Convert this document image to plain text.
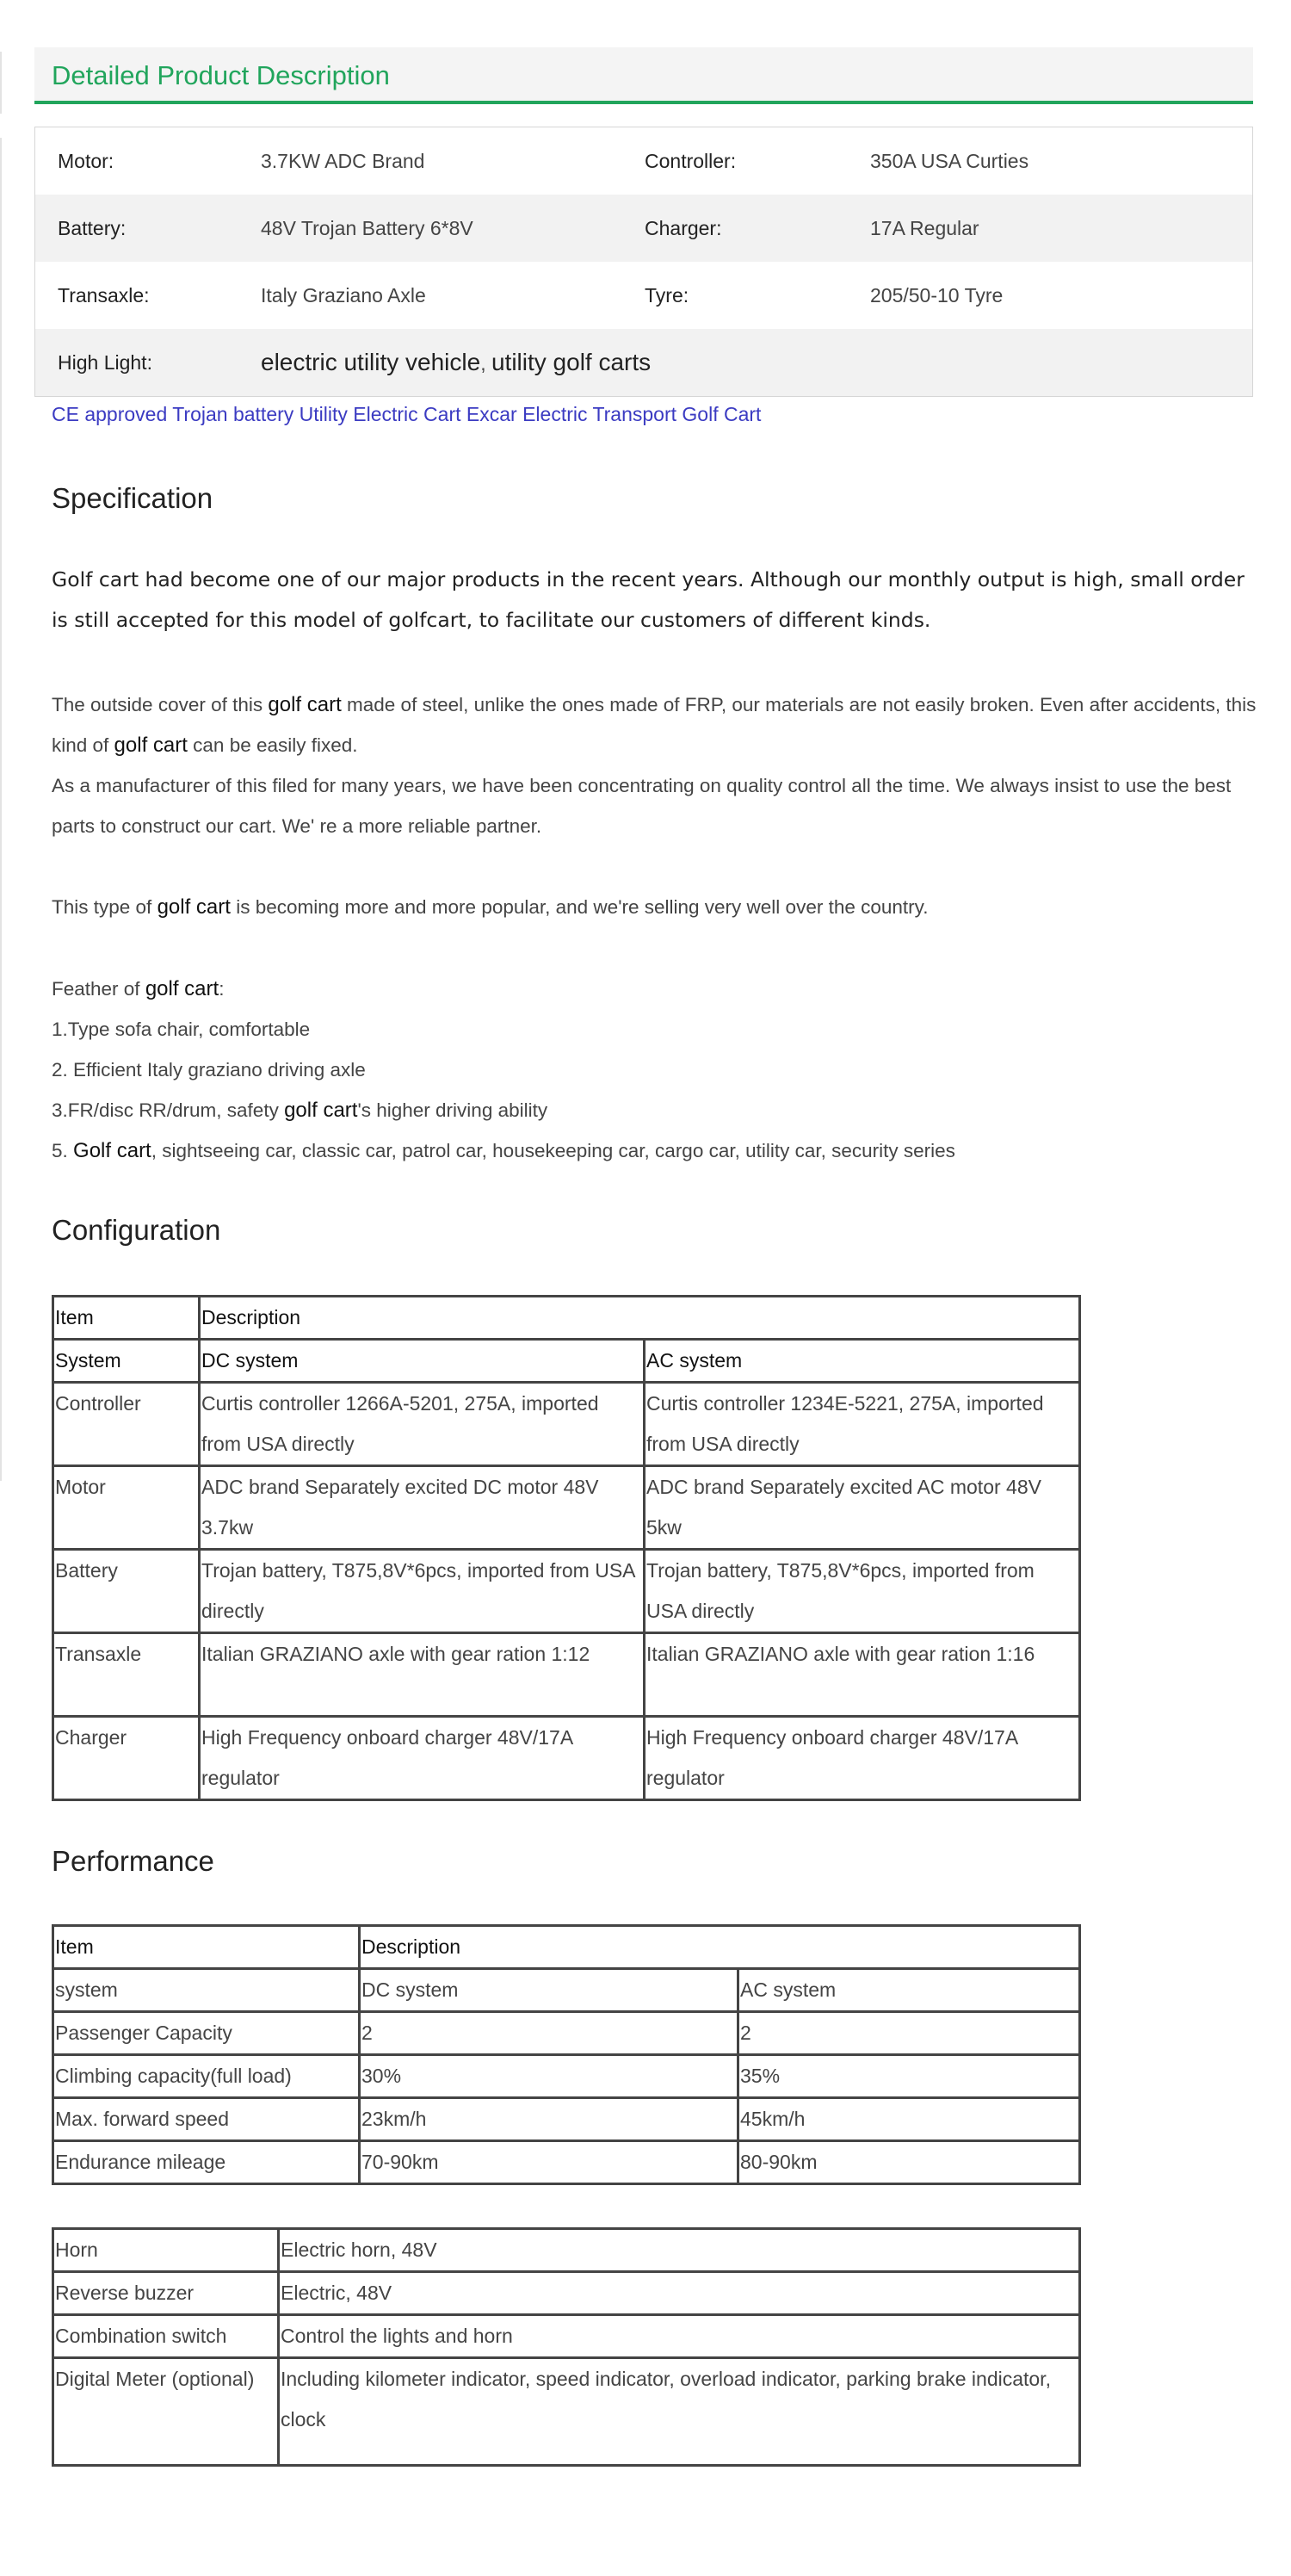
Detailed Product Description
Motor:	3.7KW ADC Brand	Controller:	350A USA Curties
Battery:	48V Trojan Battery 6*8V	Charger:	17A Regular
Transaxle:	Italy Graziano Axle	Tyre:	205/50-10 Tyre
High Light:	electric utility vehicle, utility golf carts
CE approved Trojan battery Utility Electric Cart Excar Electric Transport Golf Cart
Specification
Golf cart had become one of our major products in the recent years. Although our monthly output is high, small order is still accepted for this model of golfcart, to facilitate our customers of different kinds.

The outside cover of this golf cart made of steel, unlike the ones made of FRP, our materials are not easily broken. Even after accidents, this kind of golf cart can be easily fixed.

As a manufacturer of this filed for many years, we have been concentrating on quality control all the time. We always insist to use the best parts to construct our cart. We' re a more reliable partner.

This type of golf cart is becoming more and more popular, and we're selling very well over the country.

Feather of golf cart:

1.Type sofa chair, comfortable

2. Efficient Italy graziano driving axle

3.FR/disc RR/drum, safety golf cart's higher driving ability

5. Golf cart, sightseeing car, classic car, patrol car, housekeeping car, cargo car, utility car, security series

Configuration
Item	Description	
System	DC system	AC system
Controller	Curtis controller 1266A-5201, 275A, imported from USA directly	Curtis controller 1234E-5221, 275A, imported from USA directly
Motor	ADC brand Separately excited DC motor 48V 3.7kw	ADC brand Separately excited AC motor 48V 5kw
Battery	Trojan battery, T875,8V*6pcs, imported from USA directly	Trojan battery, T875,8V*6pcs, imported from USA directly
Transaxle	Italian GRAZIANO axle with gear ration 1:12	Italian GRAZIANO axle with gear ration 1:16
Charger	High Frequency onboard charger 48V/17A regulator	High Frequency onboard charger 48V/17A regulator
Performance
Item	Description	
system	DC system	AC system
Passenger Capacity	2	2
Climbing capacity(full load)	30%	35%
Max. forward speed	23km/h	45km/h
Endurance mileage	70-90km	80-90km
Horn	Electric horn, 48V
Reverse buzzer	Electric, 48V
Combination switch	Control the lights and horn
Digital Meter (optional)	Including kilometer indicator, speed indicator, overload indicator, parking brake indicator, clock
